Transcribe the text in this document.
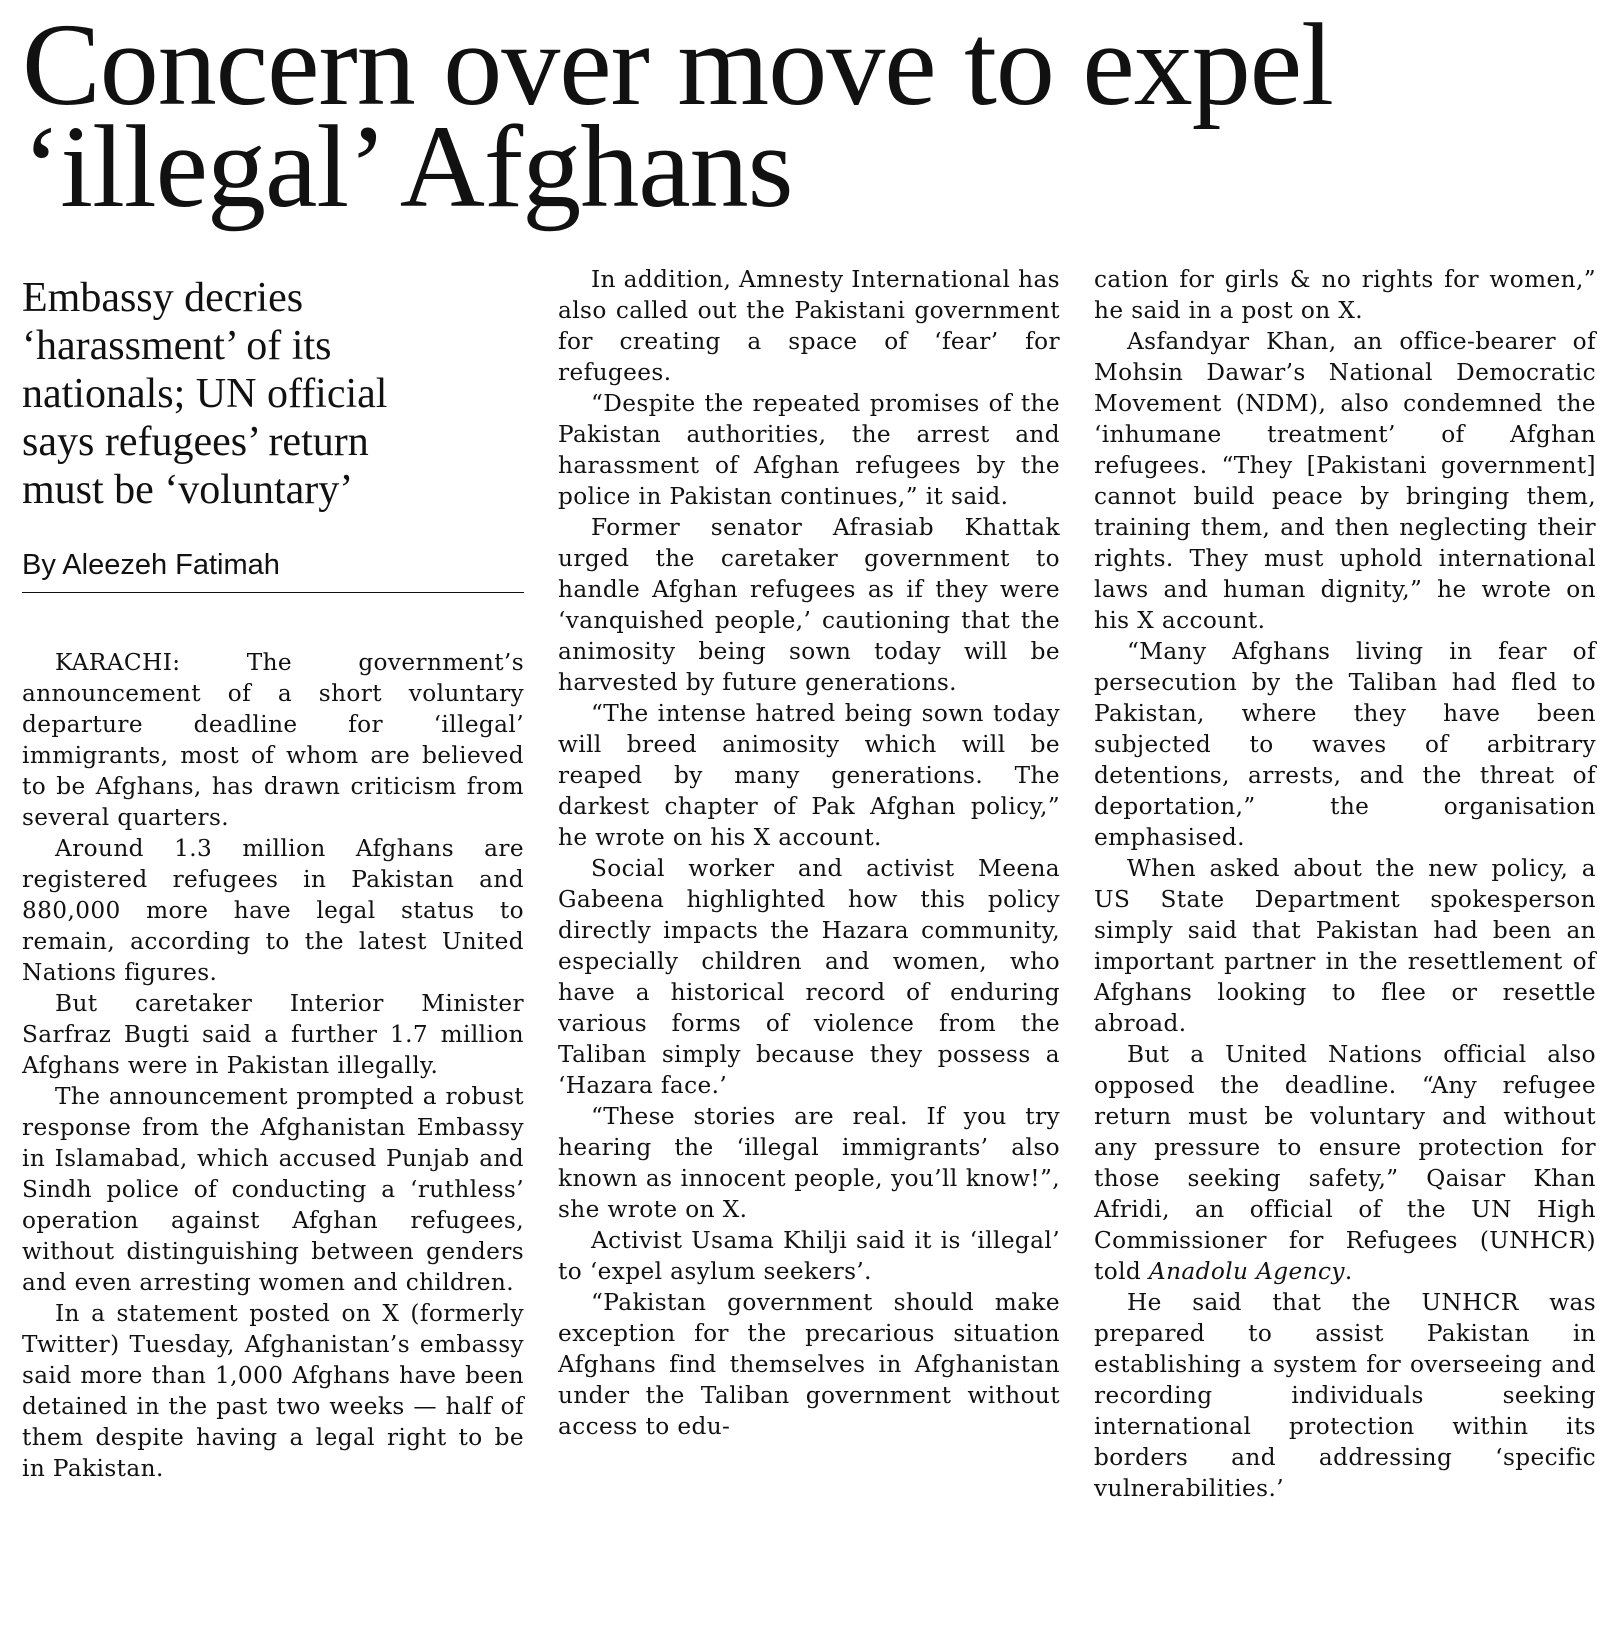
Concern over move to expel
‘illegal’ Afghans
Embassy decries
‘harassment’ of its
nationals; UN official
says refugees’ return
must be ‘voluntary’
By Aleezeh Fatimah

KARACHI: The government’s announcement of a short voluntary departure deadline for ‘illegal’ immigrants, most of whom are believed to be Afghans, has drawn criticism from several quarters.

Around 1.3 million Afghans are registered refugees in Pakistan and 880,000 more have legal status to remain, according to the latest United Nations figures.

But caretaker Interior Minister Sarfraz Bugti said a further 1.7 million Afghans were in Pakistan illegally.

The announcement prompted a robust response from the Afghanistan Embassy in Islamabad, which accused Punjab and Sindh police of conducting a ‘ruthless’ operation against Afghan refugees, without distinguishing between genders and even arresting women and children.

In a statement posted on X (formerly Twitter) Tuesday, Afghanistan’s embassy said more than 1,000 Afghans have been detained in the past two weeks — half of them despite having a legal right to be in Pakistan.

In addition, Amnesty International has also called out the Pakistani government for creating a space of ‘fear’ for refugees.

“Despite the repeated promises of the Pakistan authorities, the arrest and harassment of Afghan refugees by the police in Pakistan continues,” it said.

Former senator Afrasiab Khattak urged the caretaker government to handle Afghan refugees as if they were ‘vanquished people,’ cautioning that the animosity being sown today will be harvested by future generations.

“The intense hatred being sown today will breed animosity which will be reaped by many generations. The darkest chapter of Pak Afghan policy,” he wrote on his X account.

Social worker and activist Meena Gabeena highlighted how this policy directly impacts the Hazara community, especially children and women, who have a historical record of enduring various forms of violence from the Taliban simply because they possess a ‘Hazara face.’

“These stories are real. If you try hearing the ‘illegal immigrants’ also known as innocent people, you’ll know!”, she wrote on X.

Activist Usama Khilji said it is ‘illegal’ to ‘expel asylum seekers’.

“Pakistan government should make exception for the precarious situation Afghans find themselves in Afghanistan under the Taliban government without access to edu-

cation for girls & no rights for women,” he said in a post on X.

Asfandyar Khan, an office-bearer of Mohsin Dawar’s National Democratic Movement (NDM), also condemned the ‘inhumane treatment’ of Afghan refugees. “They [Pakistani government] cannot build peace by bringing them, training them, and then neglecting their rights. They must uphold international laws and human dignity,” he wrote on his X account.

“Many Afghans living in fear of persecution by the Taliban had fled to Pakistan, where they have been subjected to waves of arbitrary detentions, arrests, and the threat of deportation,” the organisation emphasised.

When asked about the new policy, a US State Department spokesperson simply said that Pakistan had been an important partner in the resettlement of Afghans looking to flee or resettle abroad.

But a United Nations official also opposed the deadline. “Any refugee return must be voluntary and without any pressure to ensure protection for those seeking safety,” Qaisar Khan Afridi, an official of the UN High Commissioner for Refugees (UNHCR) told Anadolu Agency.

He said that the UNHCR was prepared to assist Pakistan in establishing a system for overseeing and recording individuals seeking international protection within its borders and addressing ‘specific vulnerabilities.’
